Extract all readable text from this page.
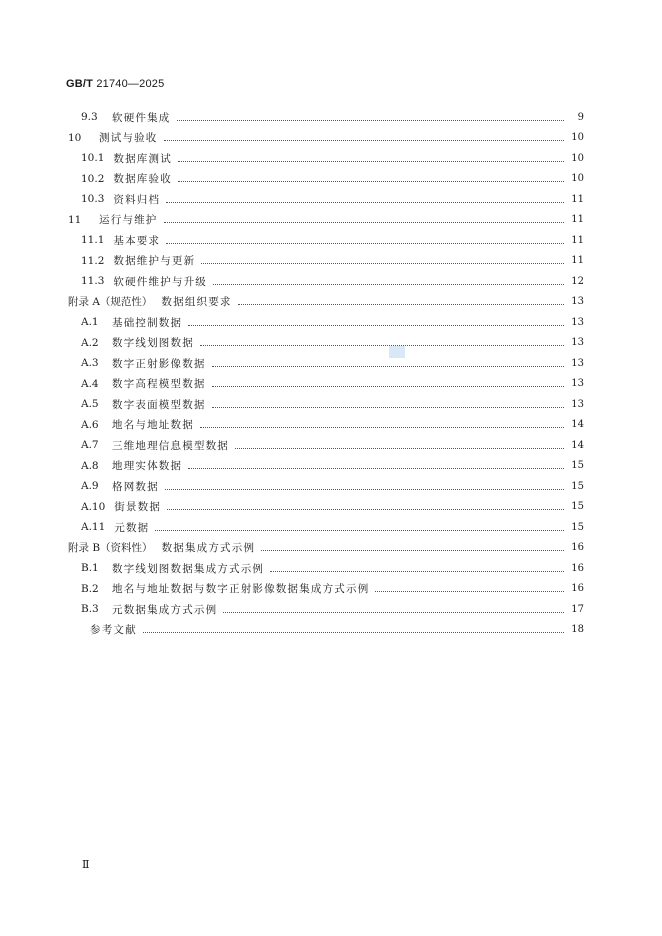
GB/T 21740—2025
9.3	软硬件集成	9
10	测试与验收	10
10.1 数据库测试	10
10.2 数据库验收	10
10.3 资料归档	11
11	运行与维护	11
11.1 基本要求	11
11.2 数据维护与更新	11
11.3 软硬件维护与升级	12
附录 A（规范性） 数据组织要求	13
A.1	基础控制数据	13
A.2	数字线划图数据	13
A.3	数字正射影像数据	13
A.4	数字高程模型数据	13
A.5	数字表面模型数据	13
A.6	地名与地址数据	14
A.7	三维地理信息模型数据	14
A.8	地理实体数据	15
A.9	格网数据	15
A.10 街景数据	15
A.11 元数据	15
附录 B（资料性） 数据集成方式示例	16
B.1	数字线划图数据集成方式示例	16
B.2	地名与地址数据与数字正射影像数据集成方式示例	16
B.3	元数据集成方式示例	17
参考文献	18
Ⅱ
